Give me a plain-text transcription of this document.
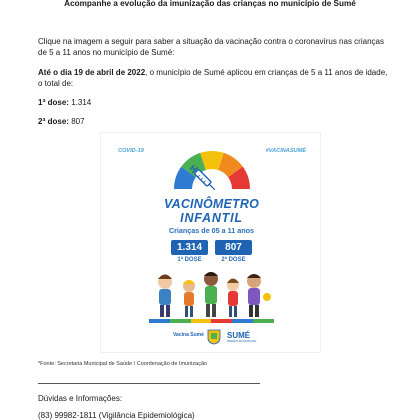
Acompanhe a evolução da imunização das crianças no município de Sumé
Clique na imagem a seguir para saber a situação da vacinação contra o coronavírus nas crianças de 5 a 11 anos no município de Sumé:
Até o dia 19 de abril de 2022, o município de Sumé aplicou em crianças de 5 a 11 anos de idade, o total de:
1ª dose: 1.314
2ª dose: 807
COVID-19	#VACINASUMÉ
VACINÔMETRO
INFANTIL
Crianças de 05 a 11 anos
1.314	807
1ª DOSE	2ª DOSE
Vacina Sumé	SUMÉ
PREFEITURA MUNICIPAL
*Fonte: Secretaria Municipal de Saúde / Coordenação de Imunização
Dúvidas e Informações:
(83) 99982-1811 (Vigilância Epidemiológica)
